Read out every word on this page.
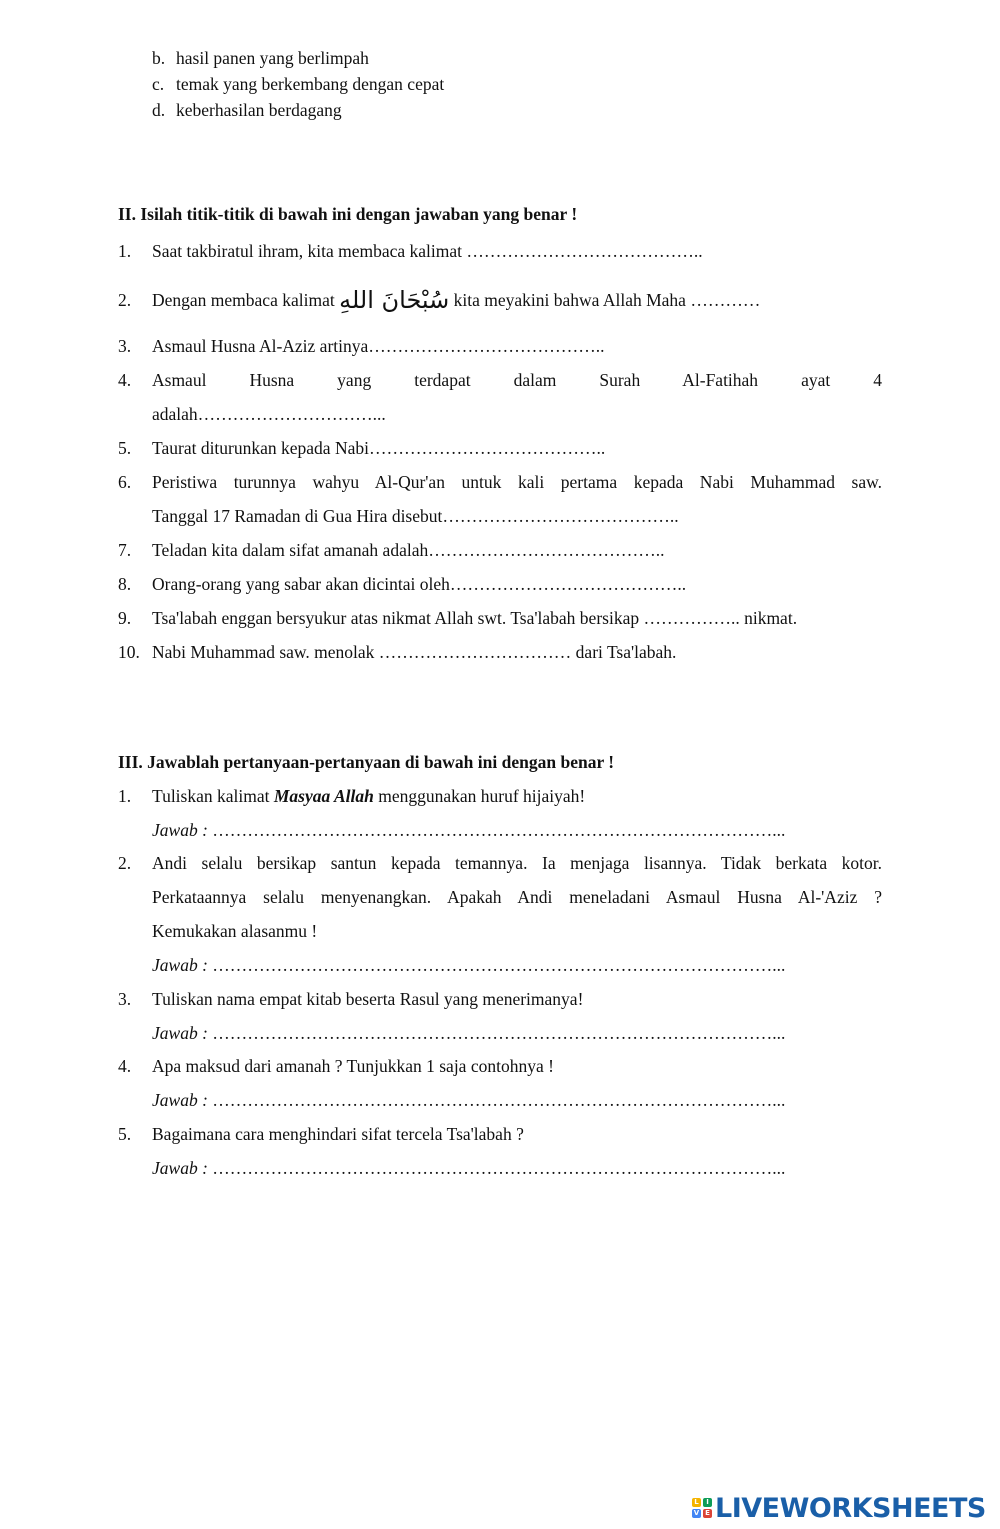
b. hasil panen yang berlimpah
c. temak yang berkembang dengan cepat
d. keberhasilan berdagang
II. Isilah titik-titik di bawah ini dengan jawaban yang benar !
1. Saat takbiratul ihram, kita membaca kalimat …………………………………..
2. Dengan membaca kalimat سُبْحَانَ اللهِ kita meyakini bahwa Allah Maha …………
3. Asmaul Husna Al-Aziz artinya…………………………………..
4. Asmaul Husna yang terdapat dalam Surah Al-Fatihah ayat 4
adalah…………………………...
5. Taurat diturunkan kepada Nabi…………………………………..
6. Peristiwa turunnya wahyu Al-Qur'an untuk kali pertama kepada Nabi Muhammad saw.
Tanggal 17 Ramadan di Gua Hira disebut…………………………………..
7. Teladan kita dalam sifat amanah adalah…………………………………..
8. Orang-orang yang sabar akan dicintai oleh…………………………………..
9. Tsa'labah enggan bersyukur atas nikmat Allah swt. Tsa'labah bersikap …………….. nikmat.
10. Nabi Muhammad saw. menolak …………………………… dari Tsa'labah.
III. Jawablah pertanyaan-pertanyaan di bawah ini dengan benar !
1. Tuliskan kalimat Masyaa Allah menggunakan huruf hijaiyah!
Jawab : ……………………………………………………………………………………...
2. Andi selalu bersikap santun kepada temannya. Ia menjaga lisannya. Tidak berkata kotor.
Perkataannya selalu menyenangkan. Apakah Andi meneladani Asmaul Husna Al-'Aziz ?
Kemukakan alasanmu !
Jawab : ……………………………………………………………………………………...
3. Tuliskan nama empat kitab beserta Rasul yang menerimanya!
Jawab : ……………………………………………………………………………………...
4. Apa maksud dari amanah ? Tunjukkan 1 saja contohnya !
Jawab : ……………………………………………………………………………………...
5. Bagaimana cara menghindari sifat tercela Tsa'labah ?
Jawab : ……………………………………………………………………………………...
L	I
V E LIVEWORKSHEETS
